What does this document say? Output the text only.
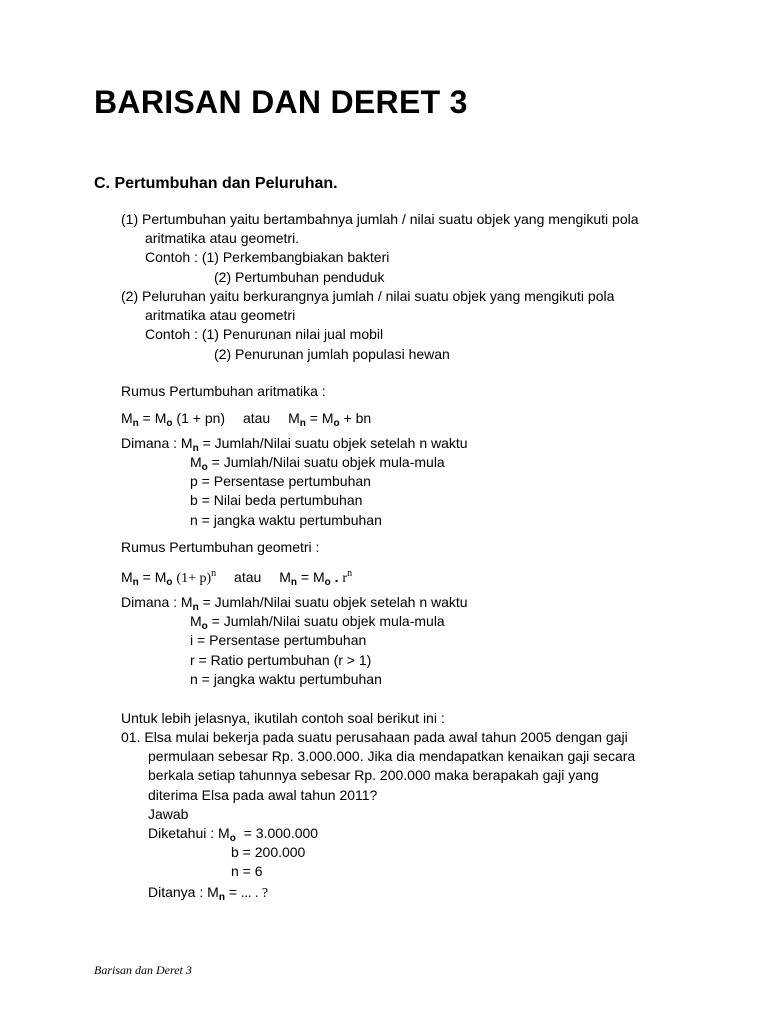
BARISAN DAN DERET 3
C. Pertumbuhan dan Peluruhan.
(1) Pertumbuhan yaitu bertambahnya jumlah / nilai suatu objek yang mengikuti pola
aritmatika atau geometri.
Contoh : (1) Perkembangbiakan bakteri
(2) Pertumbuhan penduduk
(2) Peluruhan yaitu berkurangnya jumlah / nilai suatu objek yang mengikuti pola
aritmatika atau geometri
Contoh : (1) Penurunan nilai jual mobil
(2) Penurunan jumlah populasi hewan
Rumus Pertumbuhan aritmatika :
$M_n = M_o$ (1 + pn) atau $M_n = M_o$ + bn
Dimana : $M_n$ = Jumlah/Nilai suatu objek setelah n waktu
$M_o$ = Jumlah/Nilai suatu objek mula-mula
p = Persentase pertumbuhan
b = Nilai beda pertumbuhan
n = jangka waktu pertumbuhan
Rumus Pertumbuhan geometri :
$M_n = M_o$ $(1+ p)^n$ atau $M_n = M_o$ . $r^n$
Dimana : $M_n$ = Jumlah/Nilai suatu objek setelah n waktu
$M_o$ = Jumlah/Nilai suatu objek mula-mula
i = Persentase pertumbuhan
r = Ratio pertumbuhan (r > 1)
n = jangka waktu pertumbuhan
Untuk lebih jelasnya, ikutilah contoh soal berikut ini :
01. Elsa mulai bekerja pada suatu perusahaan pada awal tahun 2005 dengan gaji
permulaan sebesar Rp. 3.000.000. Jika dia mendapatkan kenaikan gaji secara
berkala setiap tahunnya sebesar Rp. 200.000 maka berapakah gaji yang
diterima Elsa pada awal tahun 2011?
Jawab
Diketahui : $M_o = 3.000.000$
b = 200.000
n = 6
Ditanya : $M_n$ = ... . ?
Barisan dan Deret 3
